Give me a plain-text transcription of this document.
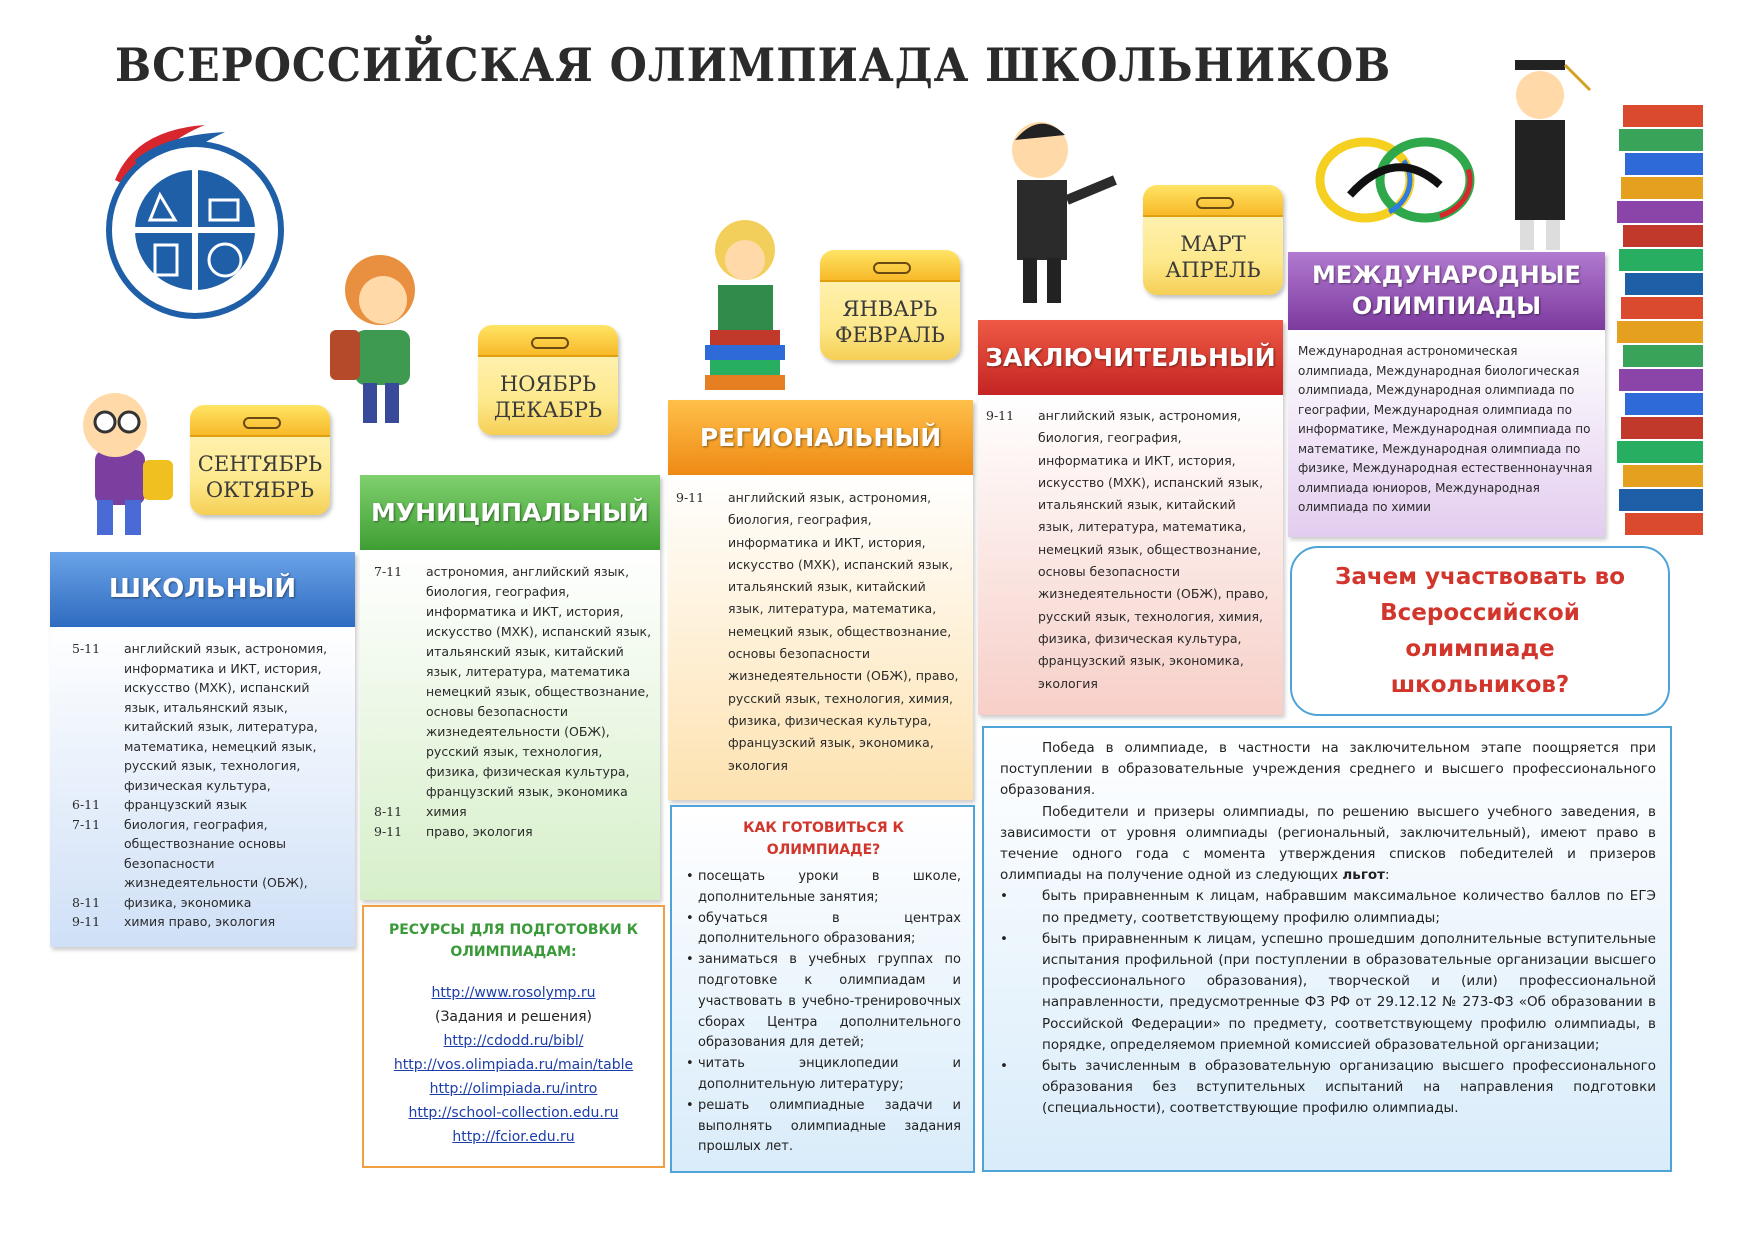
ВСЕРОССИЙСКАЯ ОЛИМПИАДА ШКОЛЬНИКОВ
СЕНТЯБРЬ
ОКТЯБРЬ
НОЯБРЬ
ДЕКАБРЬ
ЯНВАРЬ
ФЕВРАЛЬ
МАРТ
АПРЕЛЬ
ШКОЛЬНЫЙ
5-11	английский язык, астрономия, информатика и ИКТ, история, искусство (МХК), испанский язык, итальянский язык, китайский язык, литература, математика, немецкий язык, русский язык, технология, физическая культура,
6-11	французский язык
7-11	биология, география, обществознание основы безопасности жизнедеятельности (ОБЖ),
8-11	физика, экономика
9-11	химия право, экология
МУНИЦИПАЛЬНЫЙ
7-11	астрономия, английский язык, биология, география, информатика и ИКТ, история, искусство (МХК), испанский язык, итальянский язык, китайский язык, литература, математика немецкий язык, обществознание, основы безопасности жизнедеятельности (ОБЖ), русский язык, технология, физика, физическая культура, французский язык, экономика
8-11	химия
9-11	право, экология
РЕГИОНАЛЬНЫЙ
9-11	английский язык, астрономия, биология, география, информатика и ИКТ, история, искусство (МХК), испанский язык, итальянский язык, китайский язык, литература, математика, немецкий язык, обществознание, основы безопасности жизнедеятельности (ОБЖ), право, русский язык, технология, химия, физика, физическая культура, французский язык, экономика, экология
ЗАКЛЮЧИТЕЛЬНЫЙ
9-11	английский язык, астрономия, биология, география, информатика и ИКТ, история, искусство (МХК), испанский язык, итальянский язык, китайский язык, литература, математика, немецкий язык, обществознание, основы безопасности жизнедеятельности (ОБЖ), право, русский язык, технология, химия, физика, физическая культура, французский язык, экономика, экология
МЕЖДУНАРОДНЫЕ
ОЛИМПИАДЫ
Международная астрономическая олимпиада, Международная биологическая олимпиада, Международная олимпиада по географии, Международная олимпиада по информатике, Международная олимпиада по математике, Международная олимпиада по физике, Международная естественнонаучная олимпиада юниоров, Международная олимпиада по химии
Зачем участвовать во Всероссийской олимпиаде школьников?
РЕСУРСЫ ДЛЯ ПОДГОТОВКИ К ОЛИМПИАДАМ:
http://www.rosolymp.ru
(Задания и решения)
http://cdodd.ru/bibl/
http://vos.olimpiada.ru/main/table
http://olimpiada.ru/intro
http://school-collection.edu.ru
http://fcior.edu.ru
КАК ГОТОВИТЬСЯ К ОЛИМПИАДЕ?
• посещать уроки в школе, дополнительные занятия;
• обучаться в центрах дополнительного образования;
• заниматься в учебных группах по подготовке к олимпиадам и участвовать в учебно-тренировочных сборах Центра дополнительного образования для детей;
• читать энциклопедии и дополнительную литературу;
• решать олимпиадные задачи и выполнять олимпиадные задания прошлых лет.
Победа в олимпиаде, в частности на заключительном этапе поощряется при поступлении в образовательные учреждения среднего и высшего профессионального образования.
Победители и призеры олимпиады, по решению высшего учебного заведения, в зависимости от уровня олимпиады (региональный, заключительный), имеют право в течение одного года с момента утверждения списков победителей и призеров олимпиады на получение одной из следующих льгот:
•	быть приравненным к лицам, набравшим максимальное количество баллов по ЕГЭ по предмету, соответствующему профилю олимпиады;
•	быть приравненным к лицам, успешно прошедшим дополнительные вступительные испытания профильной (при поступлении в образовательные организации высшего профессионального образования), творческой и (или) профессиональной направленности, предусмотренные ФЗ РФ от 29.12.12 № 273-ФЗ «Об образовании в Российской Федерации» по предмету, соответствующему профилю олимпиады, в порядке, определяемом приемной комиссией образовательной организации;
•	быть зачисленным в образовательную организацию высшего профессионального образования без вступительных испытаний на направления подготовки (специальности), соответствующие профилю олимпиады.
